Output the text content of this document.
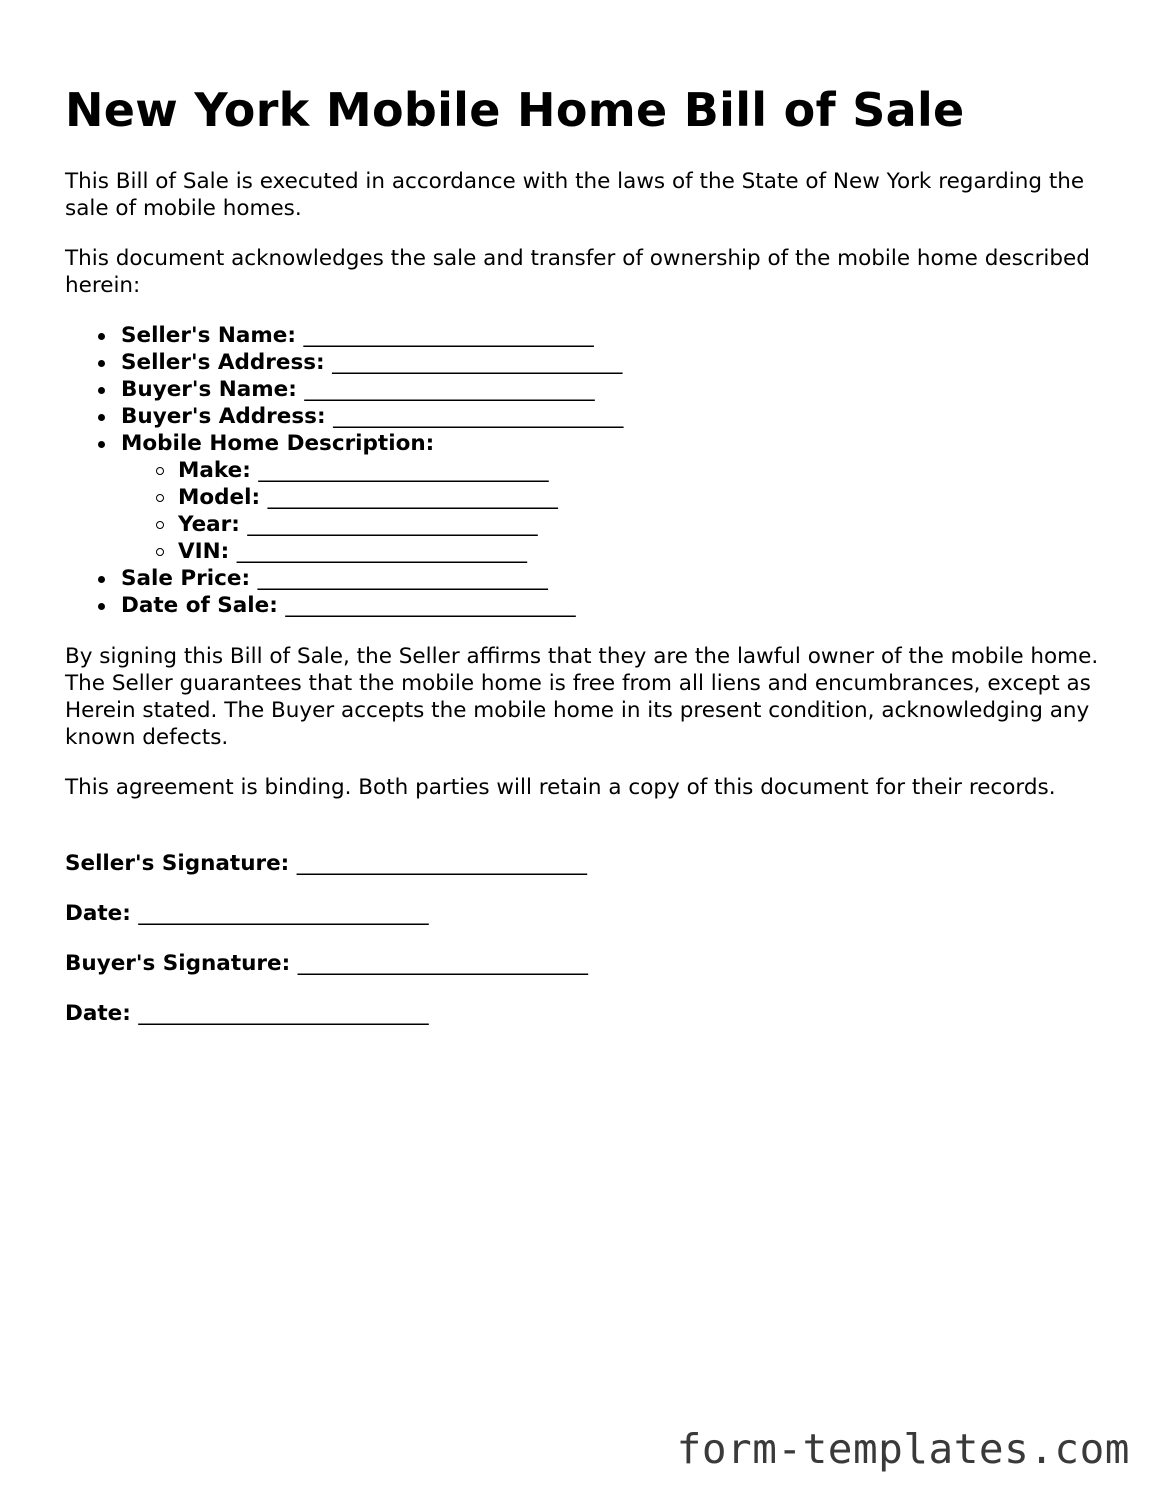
New York Mobile Home Bill of Sale

This Bill of Sale is executed in accordance with the laws of the State of New York regarding the sale of mobile homes.

This document acknowledges the sale and transfer of ownership of the mobile home described herein:

Seller's Name: ___________________________
Seller's Address: ___________________________
Buyer's Name: ___________________________
Buyer's Address: ___________________________
Mobile Home Description:
Make: ___________________________
Model: ___________________________
Year: ___________________________
VIN: ___________________________
Sale Price: ___________________________
Date of Sale: ___________________________

By signing this Bill of Sale, the Seller affirms that they are the lawful owner of the mobile home. The Seller guarantees that the mobile home is free from all liens and encumbrances, except as Herein stated. The Buyer accepts the mobile home in its present condition, acknowledging any known defects.

This agreement is binding. Both parties will retain a copy of this document for their records.

Seller's Signature: ___________________________

Date: ___________________________

Buyer's Signature: ___________________________

Date: ___________________________

form-templates.com
